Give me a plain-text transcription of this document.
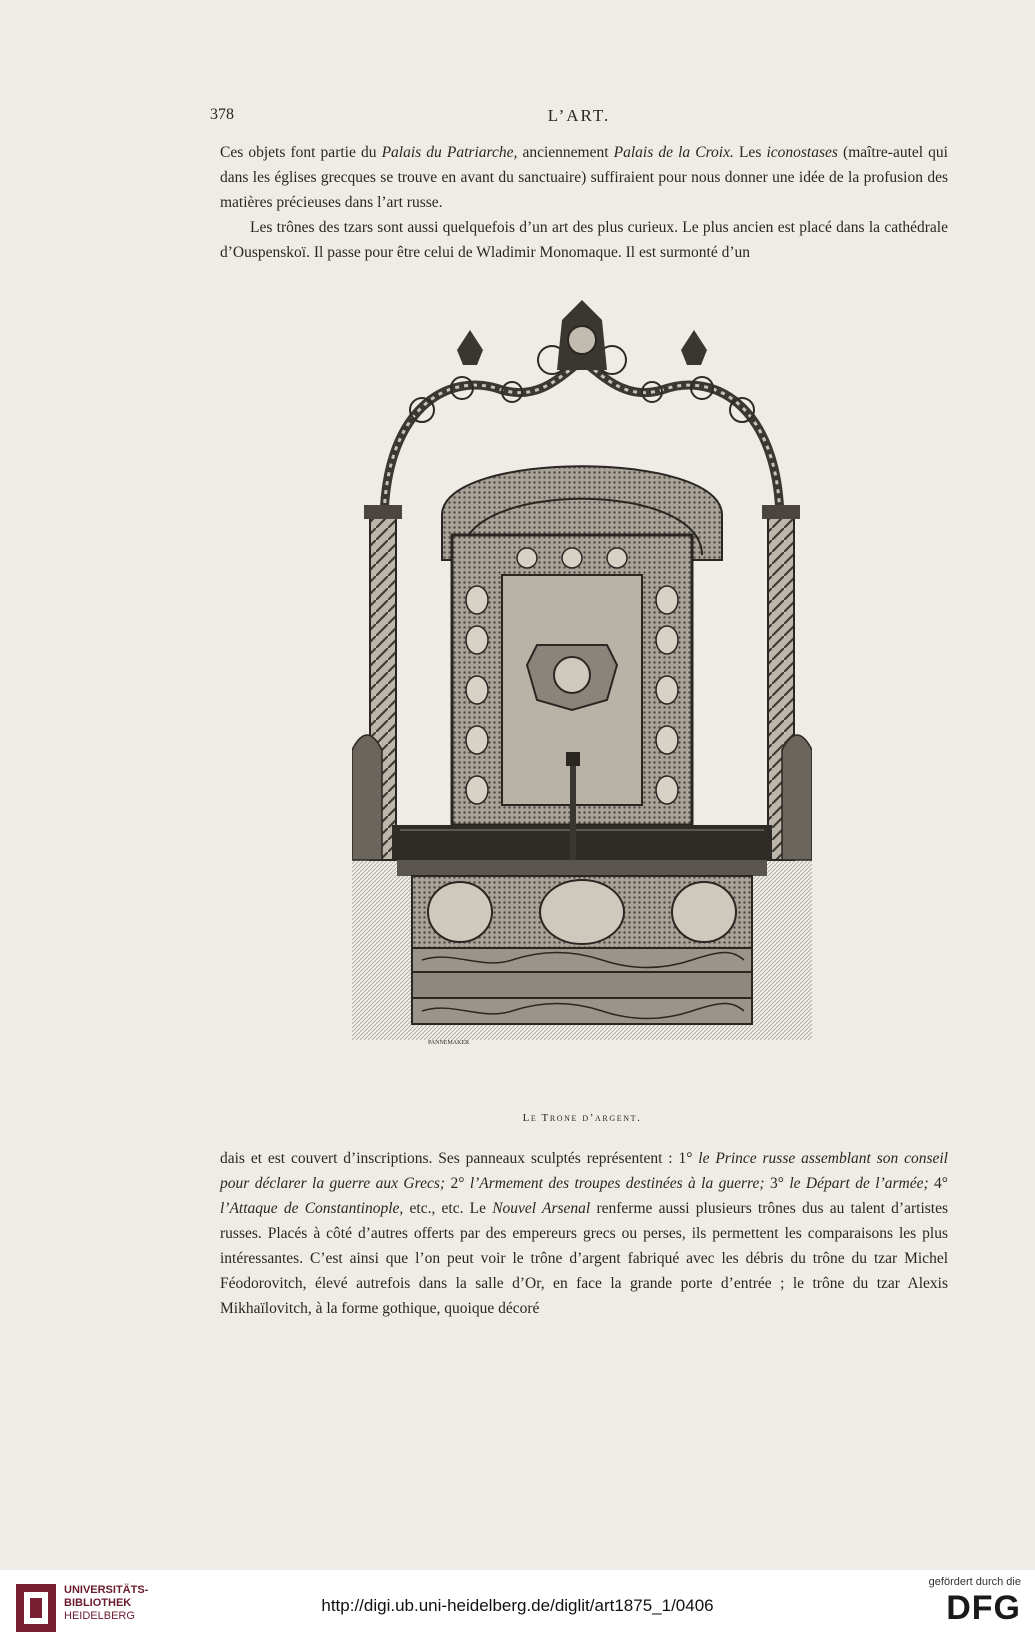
378	L’ART.

Ces objets font partie du Palais du Patriarche, anciennement Palais de la Croix. Les iconostases (maître-autel qui dans les églises grecques se trouve en avant du sanctuaire) suffiraient pour nous donner une idée de la profusion des matières précieuses dans l’art russe.

Les trônes des tzars sont aussi quelquefois d’un art des plus curieux. Le plus ancien est placé dans la cathédrale d’Ouspenskoï. Il passe pour être celui de Wladimir Monomaque. Il est surmonté d’un

PANNEMAKER
Le Trone d’argent.

dais et est couvert d’inscriptions. Ses panneaux sculptés représentent : 1° le Prince russe assemblant son conseil pour déclarer la guerre aux Grecs; 2° l’Armement des troupes destinées à la guerre; 3° le Départ de l’armée; 4° l’Attaque de Constantinople, etc., etc. Le Nouvel Arsenal renferme aussi plusieurs trônes dus au talent d’artistes russes. Placés à côté d’autres offerts par des empereurs grecs ou perses, ils permettent les comparaisons les plus intéressantes. C’est ainsi que l’on peut voir le trône d’argent fabriqué avec les débris du trône du tzar Michel Féodorovitch, élevé autrefois dans la salle d’Or, en face la grande porte d’entrée ; le trône du tzar Alexis Mikhaïlovitch, à la forme gothique, quoique décoré

UNIVERSITÄTS-
BIBLIOTHEK
HEIDELBERG
http://digi.ub.uni-heidelberg.de/diglit/art1875_1/0406
gefördert durch die
DFG
